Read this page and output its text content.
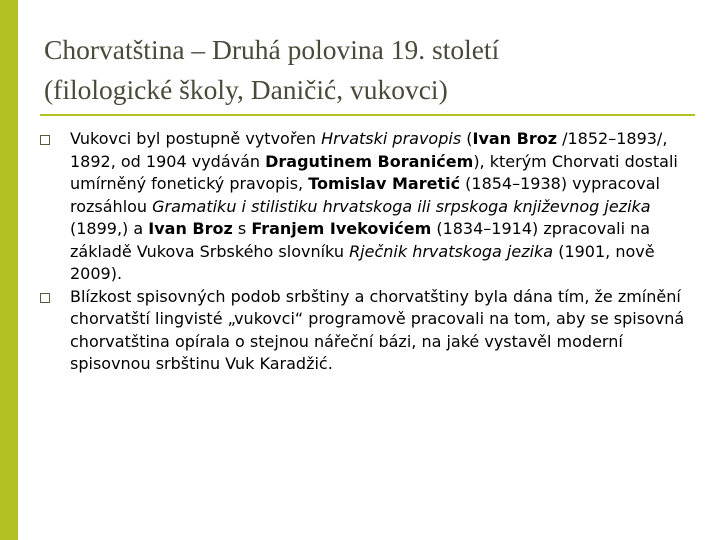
Chorvatština – Druhá polovina 19. století
(filologické školy, Daničić, vukovci)
Vukovci byl postupně vytvořen Hrvatski pravopis (Ivan Broz /1852–1893/, 1892, od 1904 vydáván Dragutinem Boranićem), kterým Chorvati dostali umírněný fonetický pravopis, Tomislav Maretić (1854–1938) vypracoval rozsáhlou Gramatiku i stilistiku hrvatskoga ili srpskoga književnog jezika (1899,) a Ivan Broz s Franjem Ivekovićem (1834–1914) zpracovali na základě Vukova Srbského slovníku Rječnik hrvatskoga jezika (1901, nově 2009).
Blízkost spisovných podob srbštiny a chorvatštiny byla dána tím, že zmínění chorvatští lingvisté „vukovci“ programově pracovali na tom, aby se spisovná chorvatština opírala o stejnou nářeční bázi, na jaké vystavěl moderní spisovnou srbštinu Vuk Karadžić.
